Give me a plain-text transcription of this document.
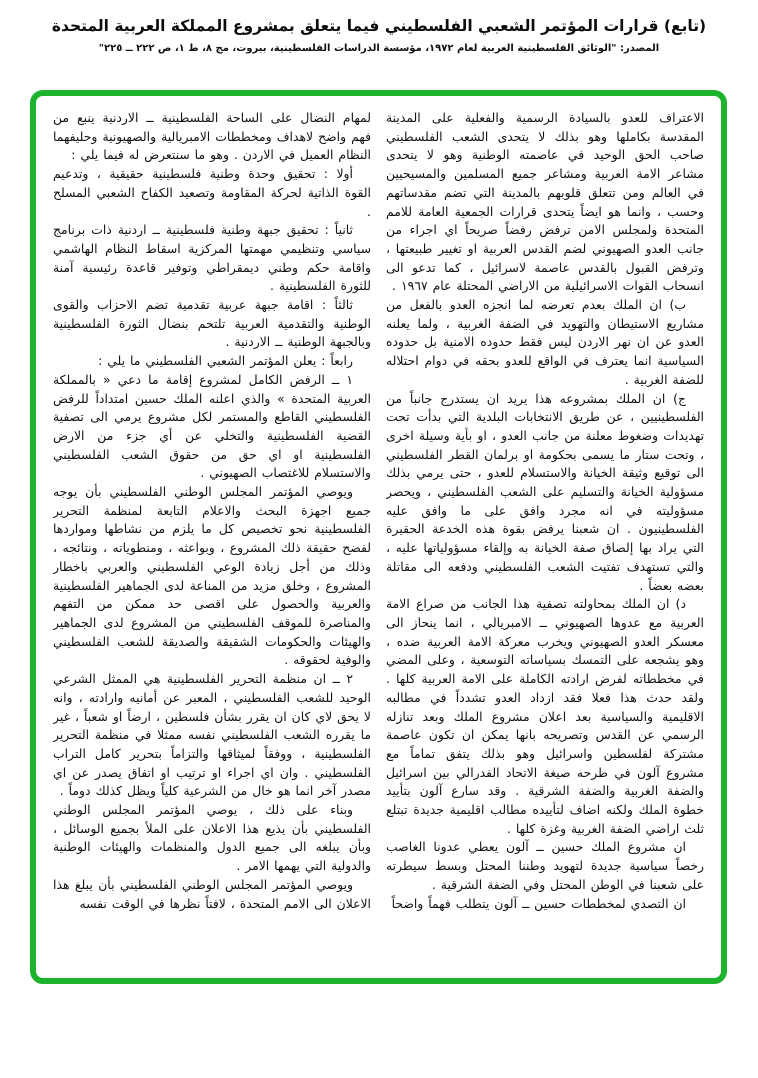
(تابع) قرارات المؤتمر الشعبي الفلسطيني فيما يتعلق بمشروع المملكة العربية المتحدة

المصدر: "الوثائق الفلسطينية العربية لعام ١٩٧٢، مؤسسة الدراسات الفلسطينية، بيروت، مج ٨، ط ١، ص ٢٢٢ ــ ٢٢٥"

الاعتراف للعدو بالسيادة الرسمية والفعلية على المدينة المقدسة بكاملها وهو بذلك لا يتحدى الشعب الفلسطيني صاحب الحق الوحيد في عاصمته الوطنية وهو لا يتحدى مشاعر الامة العربية ومشاعر جميع المسلمين والمسيحيين في العالم ومن تتعلق قلوبهم بالمدينة التي تضم مقدساتهم وحسب ، وانما هو ايضاً يتحدى قرارات الجمعية العامة للامم المتحدة ولمجلس الامن ترفض رفضاً صريحاً اي اجراء من جانب العدو الصهيوني لضم القدس العربية او تغيير طبيعتها ، وترفض القبول بالقدس عاصمة لاسرائيل ، كما تدعو الى انسحاب القوات الاسرائيلية من الاراضي المحتلة عام ١٩٦٧ .

ب) ان الملك بعدم تعرضه لما انجزه العدو بالفعل من مشاريع الاستيطان والتهويد في الضفة الغربية ، ولما يعلنه العدو عن ان نهر الاردن ليس فقط حدوده الامنية بل حدوده السياسية انما يعترف في الواقع للعدو بحقه في دوام احتلاله للضفة الغربية .

ج) ان الملك بمشروعه هذا يريد ان يستدرج جانباً من الفلسطينيين ، عن طريق الانتخابات البلدية التي بدأت تحت تهديدات وضغوط معلنة من جانب العدو ، او بأية وسيلة اخرى ، وتحت ستار ما يسمى بحكومة او برلمان القطر الفلسطيني الى توقيع وثيقة الخيانة والاستسلام للعدو ، حتى يرمي بذلك مسؤولية الخيانة والتسليم على الشعب الفلسطيني ، ويحصر مسؤوليته في انه مجرد وافق على ما وافق عليه الفلسطينيون . ان شعبنا يرفض بقوة هذه الخدعة الحقيرة التي يراد بها إلصاق صفة الخيانة به وإلقاء مسؤولياتها عليه ، والتي تستهدف تفتيت الشعب الفلسطيني ودفعه الى مقاتلة بعضه بعضاً .

د) ان الملك بمحاولته تصفية هذا الجانب من صراع الامة العربية مع عدوها الصهيوني ــ الامبريالي ، انما ينحاز الى معسكر العدو الصهيوني ويخرب معركة الامة العربية ضده ، وهو يشجعه على التمسك بسياساته التوسعية ، وعلى المضي في مخططاته لفرض ارادته الكاملة على الامة العربية كلها . ولقد حدث هذا فعلا فقد ازداد العدو تشدداً في مطالبه الاقليمية والسياسية بعد اعلان مشروع الملك وبعد تنازله الرسمي عن القدس وتصريحه بانها يمكن ان تكون عاصمة مشتركة لفلسطين واسرائيل وهو بذلك يتفق تماماً مع مشروع آلون في طرحه صيغة الاتحاد الفدرالي بين اسرائيل والضفة الغربية والضفة الشرقية . وقد سارع آلون بتأييد خطوة الملك ولكنه اضاف لتأييده مطالب اقليمية جديدة تبتلع ثلث اراضي الضفة الغربية وغزة كلها .

ان مشروع الملك حسين ــ آلون يعطي عدونا الغاصب رخصاً سياسية جديدة لتهويد وطننا المحتل وبسط سيطرته على شعبنا في الوطن المحتل وفي الضفة الشرقية .

ان التصدي لمخططات حسين ــ آلون يتطلب فهماً واضحاً

لمهام النضال على الساحة الفلسطينية ــ الاردنية ينبع من فهم واضح لاهداف ومخططات الامبريالية والصهيونية وحليفهما النظام العميل في الاردن . وهو ما سنتعرض له فيما يلي :

أولا : تحقيق وحدة وطنية فلسطينية حقيقية ، وتدعيم القوة الذاتية لحركة المقاومة وتصعيد الكفاح الشعبي المسلح .

ثانياً : تحقيق جبهة وطنية فلسطينية ــ اردنية ذات برنامج سياسي وتنظيمي مهمتها المركزية اسقاط النظام الهاشمي واقامة حكم وطني ديمقراطي وتوفير قاعدة رئيسية آمنة للثورة الفلسطينية .

ثالثاً : اقامة جبهة عربية تقدمية تضم الاحزاب والقوى الوطنية والتقدمية العربية تلتحم بنضال الثورة الفلسطينية وبالجبهة الوطنية ــ الاردنية .

رابعاً : يعلن المؤتمر الشعبي الفلسطيني ما يلي :

١ ــ الرفض الكامل لمشروع إقامة ما دعي « بالمملكة العربية المتحدة » والذي اعلنه الملك حسين امتداداً للرفض الفلسطيني القاطع والمستمر لكل مشروع يرمي الى تصفية القضية الفلسطينية والتخلي عن أي جزء من الارض الفلسطينية او اي حق من حقوق الشعب الفلسطيني والاستسلام للاغتصاب الصهيوني .

ويوصي المؤتمر المجلس الوطني الفلسطيني بأن يوجه جميع اجهزة البحث والاعلام التابعة لمنظمة التحرير الفلسطينية نحو تخصيص كل ما يلزم من نشاطها ومواردها لفضح حقيقة ذلك المشروع ، وبواعثه ، ومنطوياته ، ونتائجه ، وذلك من أجل زيادة الوعي الفلسطيني والعربي باخطار المشروع ، وخلق مزيد من المناعة لدى الجماهير الفلسطينية والعربية والحصول على اقصى حد ممكن من التفهم والمناصرة للموقف الفلسطيني من المشروع لدى الجماهير والهيئات والحكومات الشقيقة والصديقة للشعب الفلسطيني والوفية لحقوقه .

٢ ــ ان منظمة التحرير الفلسطينية هي الممثل الشرعي الوحيد للشعب الفلسطيني ، المعبر عن أمانيه وارادته ، وانه لا يحق لاي كان ان يقرر بشأن فلسطين ، ارضاً او شعباً ، غير ما يقرره الشعب الفلسطيني نفسه ممثلا في منظمة التحرير الفلسطينية ، ووفقاً لميثاقها والتزاماً بتحرير كامل التراب الفلسطيني . وان اي اجراء او ترتيب او اتفاق يصدر عن اي مصدر آخر انما هو خال من الشرعية كلياً ويظل كذلك دوماً .

وبناء على ذلك ، يوصي المؤتمر المجلس الوطني الفلسطيني بأن يذيع هذا الاعلان على الملأ بجميع الوسائل ، وبأن يبلغه الى جميع الدول والمنظمات والهيئات الوطنية والدولية التي يهمها الامر .

ويوصي المؤتمر المجلس الوطني الفلسطيني بأن يبلغ هذا الاعلان الى الامم المتحدة ، لافتاً نظرها في الوقت نفسه
